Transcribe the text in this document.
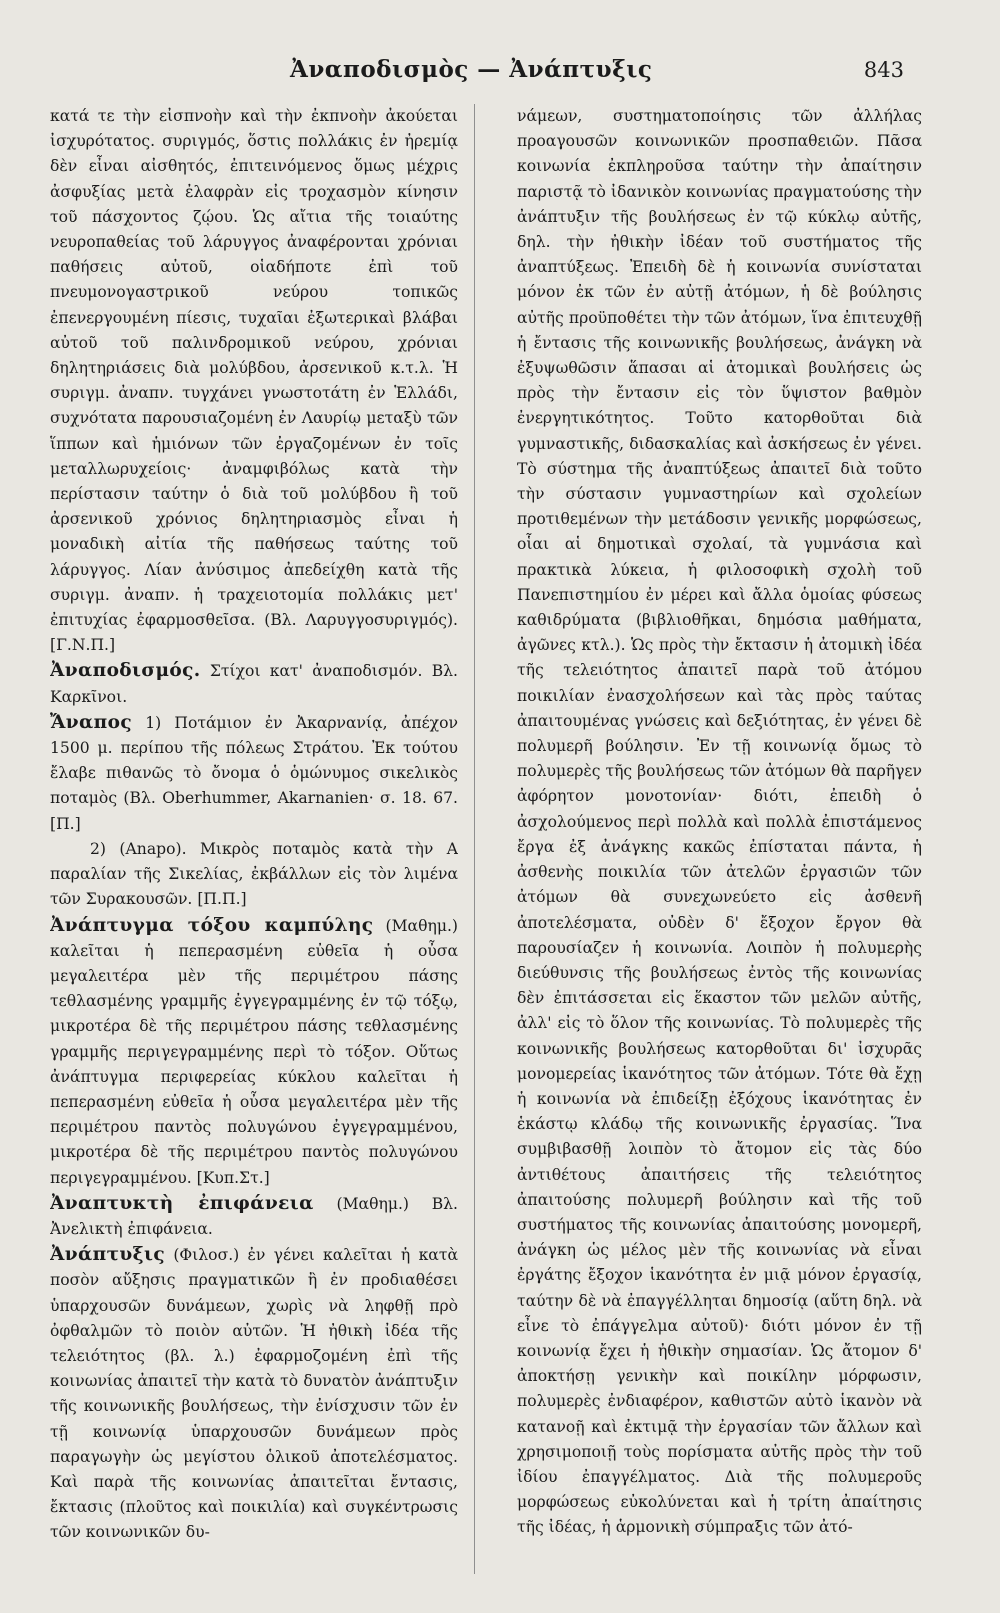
Ἀναποδισμὸς — Ἀνάπτυξις	843

κατά τε τὴν εἰσπνοὴν καὶ τὴν ἐκπνοὴν ἀκούεται ἰσχυρότατος. συριγμός, ὅστις πολλάκις ἐν ἠρεμίᾳ δὲν εἶναι αἰσθητός, ἐπιτεινόμενος ὅμως μέχρις ἀσφυξίας μετὰ ἐλαφρὰν εἰς τροχασμὸν κίνησιν τοῦ πάσχοντος ζῴου. Ὡς αἴτια τῆς τοιαύτης νευροπαθείας τοῦ λάρυγγος ἀναφέρονται χρόνιαι παθήσεις αὐτοῦ, οἱαδήποτε ἐπὶ τοῦ πνευμονογαστρικοῦ νεύρου τοπικῶς ἐπενεργουμένη πίεσις, τυχαῖαι ἐξωτερικαὶ βλάβαι αὐτοῦ τοῦ παλινδρομικοῦ νεύρου, χρόνιαι δηλητηριάσεις διὰ μολύβδου, ἀρσενικοῦ κ.τ.λ. Ἡ συριγμ. ἀναπν. τυγχάνει γνωστοτάτη ἐν Ἑλλάδι, συχνότατα παρουσιαζομένη ἐν Λαυρίῳ μεταξὺ τῶν ἵππων καὶ ἡμιόνων τῶν ἐργαζομένων ἐν τοῖς μεταλλωρυχείοις· ἀναμφιβόλως κατὰ τὴν περίστασιν ταύτην ὁ διὰ τοῦ μολύβδου ἢ τοῦ ἀρσενικοῦ χρόνιος δηλητηριασμὸς εἶναι ἡ μοναδικὴ αἰτία τῆς παθήσεως ταύτης τοῦ λάρυγγος. Λίαν ἀνύσιμος ἀπεδείχθη κατὰ τῆς συριγμ. ἀναπν. ἡ τραχειοτομία πολλάκις μετ' ἐπιτυχίας ἐφαρμοσθεῖσα. (Βλ. Λαρυγγοσυριγμός).[Γ.Ν.Π.]

Ἀναποδισμός. Στίχοι κατ' ἀναποδισμόν. Βλ. Καρκῖνοι.

Ἄναπος 1) Ποτάμιον ἐν Ἀκαρνανίᾳ, ἀπέχον 1500 μ. περίπου τῆς πόλεως Στράτου. Ἐκ τούτου ἔλαβε πιθανῶς τὸ ὄνομα ὁ ὁμώνυμος σικελικὸς ποταμὸς (Βλ. Oberhummer, Akarnanien· σ. 18. 67. [Π.]

2) (Anapo). Μικρὸς ποταμὸς κατὰ τὴν Α παραλίαν τῆς Σικελίας, ἐκβάλλων εἰς τὸν λιμένα τῶν Συρακουσῶν. [Π.Π.]

Ἀνάπτυγμα τόξου καμπύλης (Μαθημ.) καλεῖται ἡ πεπερασμένη εὐθεῖα ἡ οὖσα μεγαλειτέρα μὲν τῆς περιμέτρου πάσης τεθλασμένης γραμμῆς ἐγγεγραμμένης ἐν τῷ τόξῳ, μικροτέρα δὲ τῆς περιμέτρου πάσης τεθλασμένης γραμμῆς περιγεγραμμένης περὶ τὸ τόξον. Οὕτως ἀνάπτυγμα περιφερείας κύκλου καλεῖται ἡ πεπερασμένη εὐθεῖα ἡ οὖσα μεγαλειτέρα μὲν τῆς περιμέτρου παντὸς πολυγώνου ἐγγεγραμμένου, μικροτέρα δὲ τῆς περιμέτρου παντὸς πολυγώνου περιγεγραμμένου. [Κυπ.Στ.]

Ἀναπτυκτὴ ἐπιφάνεια (Μαθημ.) Βλ. Ἀνελικτὴ ἐπιφάνεια.

Ἀνάπτυξις (Φιλοσ.) ἐν γένει καλεῖται ἡ κατὰ ποσὸν αὔξησις πραγματικῶν ἢ ἐν προδιαθέσει ὑπαρχουσῶν δυνάμεων, χωρὶς νὰ ληφθῇ πρὸ ὀφθαλμῶν τὸ ποιὸν αὐτῶν. Ἡ ἠθικὴ ἰδέα τῆς τελειότητος (βλ. λ.) ἐφαρμοζομένη ἐπὶ τῆς κοινωνίας ἀπαιτεῖ τὴν κατὰ τὸ δυνατὸν ἀνάπτυξιν τῆς κοινωνικῆς βουλήσεως, τὴν ἐνίσχυσιν τῶν ἐν τῇ κοινωνίᾳ ὑπαρχουσῶν δυνάμεων πρὸς παραγωγὴν ὡς μεγίστου ὁλικοῦ ἀποτελέσματος. Καὶ παρὰ τῆς κοινωνίας ἀπαιτεῖται ἔντασις, ἔκτασις (πλοῦτος καὶ ποικιλία) καὶ συγκέντρωσις τῶν κοινωνικῶν δυ-

νάμεων, συστηματοποίησις τῶν ἀλλήλας προαγουσῶν κοινωνικῶν προσπαθειῶν. Πᾶσα κοινωνία ἐκπληροῦσα ταύτην τὴν ἀπαίτησιν παριστᾷ τὸ ἰδανικὸν κοινωνίας πραγματούσης τὴν ἀνάπτυξιν τῆς βουλήσεως ἐν τῷ κύκλῳ αὐτῆς, δηλ. τὴν ἠθικὴν ἰδέαν τοῦ συστήματος τῆς ἀναπτύξεως. Ἐπειδὴ δὲ ἡ κοινωνία συνίσταται μόνον ἐκ τῶν ἐν αὐτῇ ἀτόμων, ἡ δὲ βούλησις αὐτῆς προϋποθέτει τὴν τῶν ἀτόμων, ἵνα ἐπιτευχθῇ ἡ ἔντασις τῆς κοινωνικῆς βουλήσεως, ἀνάγκη νὰ ἐξυψωθῶσιν ἅπασαι αἱ ἀτομικαὶ βουλήσεις ὡς πρὸς τὴν ἔντασιν εἰς τὸν ὕψιστον βαθμὸν ἐνεργητικότητος. Τοῦτο κατορθοῦται διὰ γυμναστικῆς, διδασκαλίας καὶ ἀσκήσεως ἐν γένει. Τὸ σύστημα τῆς ἀναπτύξεως ἀπαιτεῖ διὰ τοῦτο τὴν σύστασιν γυμναστηρίων καὶ σχολείων προτιθεμένων τὴν μετάδοσιν γενικῆς μορφώσεως, οἷαι αἱ δημοτικαὶ σχολαί, τὰ γυμνάσια καὶ πρακτικὰ λύκεια, ἡ φιλοσοφικὴ σχολὴ τοῦ Πανεπιστημίου ἐν μέρει καὶ ἄλλα ὁμοίας φύσεως καθιδρύματα (βιβλιοθῆκαι, δημόσια μαθήματα, ἀγῶνες κτλ.). Ὡς πρὸς τὴν ἔκτασιν ἡ ἀτομικὴ ἰδέα τῆς τελειότητος ἀπαιτεῖ παρὰ τοῦ ἀτόμου ποικιλίαν ἐνασχολήσεων καὶ τὰς πρὸς ταύτας ἀπαιτουμένας γνώσεις καὶ δεξιότητας, ἐν γένει δὲ πολυμερῆ βούλησιν. Ἐν τῇ κοινωνίᾳ ὅμως τὸ πολυμερὲς τῆς βουλήσεως τῶν ἀτόμων θὰ παρῆγεν ἀφόρητον μονοτονίαν· διότι, ἐπειδὴ ὁ ἀσχολούμενος περὶ πολλὰ καὶ πολλὰ ἐπιστάμενος ἔργα ἐξ ἀνάγκης κακῶς ἐπίσταται πάντα, ἡ ἀσθενὴς ποικιλία τῶν ἀτελῶν ἐργασιῶν τῶν ἀτόμων θὰ συνεχωνεύετο εἰς ἀσθενῆ ἀποτελέσματα, οὐδὲν δ' ἔξοχον ἔργον θὰ παρουσίαζεν ἡ κοινωνία. Λοιπὸν ἡ πολυμερὴς διεύθυνσις τῆς βουλήσεως ἐντὸς τῆς κοινωνίας δὲν ἐπιτάσσεται εἰς ἕκαστον τῶν μελῶν αὐτῆς, ἀλλ' εἰς τὸ ὅλον τῆς κοινωνίας. Τὸ πολυμερὲς τῆς κοινωνικῆς βουλήσεως κατορθοῦται δι' ἰσχυρᾶς μονομερείας ἱκανότητος τῶν ἀτόμων. Τότε θὰ ἔχῃ ἡ κοινωνία νὰ ἐπιδείξῃ ἐξόχους ἱκανότητας ἐν ἑκάστῳ κλάδῳ τῆς κοινωνικῆς ἐργασίας. Ἵνα συμβιβασθῇ λοιπὸν τὸ ἄτομον εἰς τὰς δύο ἀντιθέτους ἀπαιτήσεις τῆς τελειότητος ἀπαιτούσης πολυμερῆ βούλησιν καὶ τῆς τοῦ συστήματος τῆς κοινωνίας ἀπαιτούσης μονομερῆ, ἀνάγκη ὡς μέλος μὲν τῆς κοινωνίας νὰ εἶναι ἐργάτης ἔξοχον ἱκανότητα ἐν μιᾷ μόνον ἐργασίᾳ, ταύτην δὲ νὰ ἐπαγγέλληται δημοσίᾳ (αὕτη δηλ. νὰ εἶνε τὸ ἐπάγγελμα αὐτοῦ)· διότι μόνον ἐν τῇ κοινωνίᾳ ἔχει ἡ ἠθικὴν σημασίαν. Ὡς ἄτομον δ' ἀποκτήσῃ γενικὴν καὶ ποικίλην μόρφωσιν, πολυμερὲς ἐνδιαφέρον, καθιστῶν αὐτὸ ἱκανὸν νὰ κατανοῇ καὶ ἐκτιμᾷ τὴν ἐργασίαν τῶν ἄλλων καὶ χρησιμοποιῇ τοὺς πορίσματα αὐτῆς πρὸς τὴν τοῦ ἰδίου ἐπαγγέλματος. Διὰ τῆς πολυμεροῦς μορφώσεως εὐκολύνεται καὶ ἡ τρίτη ἀπαίτησις τῆς ἰδέας, ἡ ἁρμονικὴ σύμπραξις τῶν ἀτό-
